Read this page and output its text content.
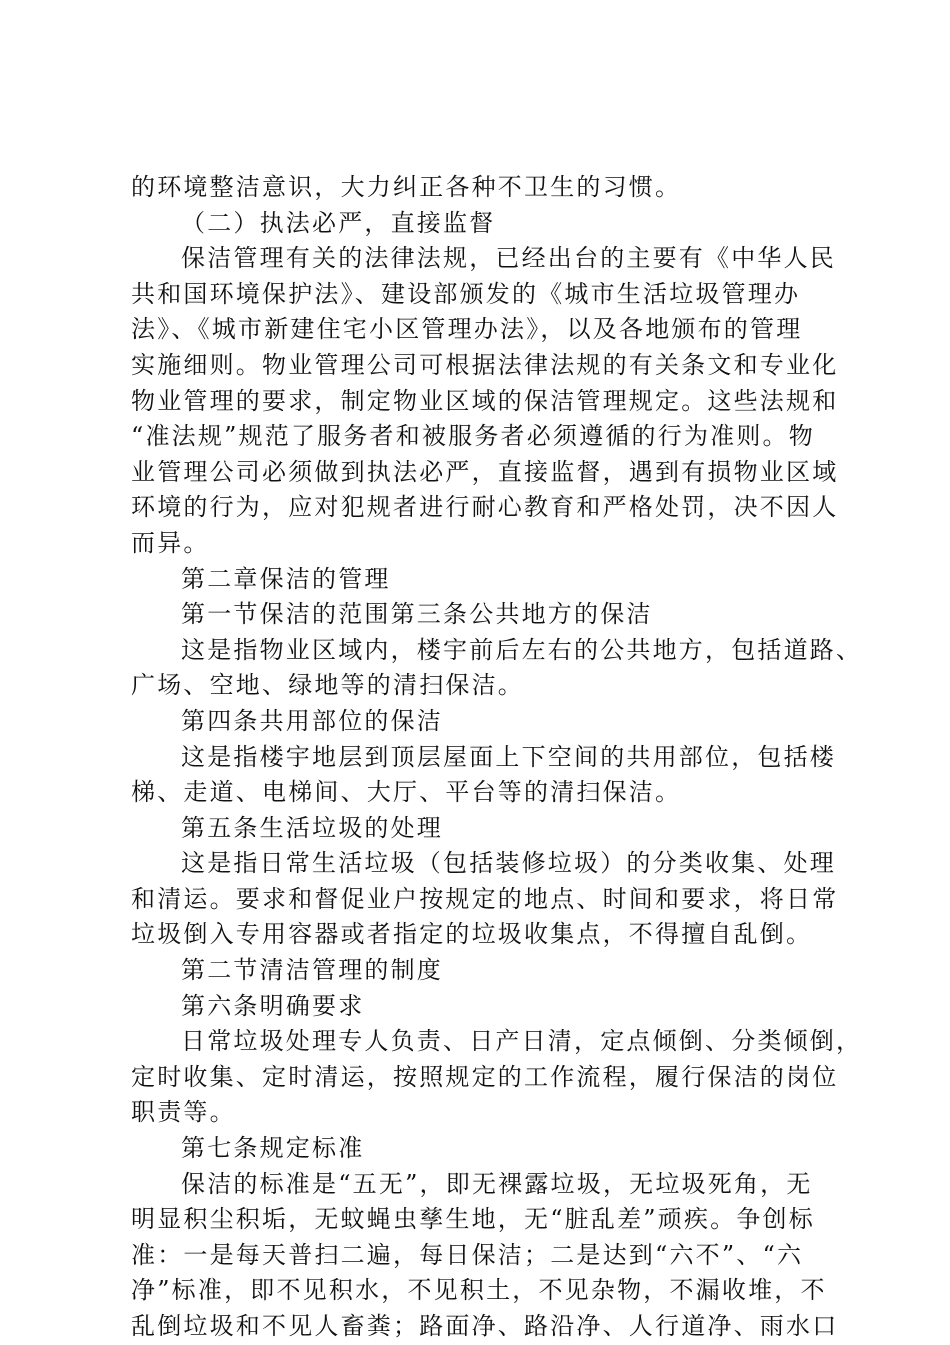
的环境整洁意识，大力纠正各种不卫生的习惯。
（二）执法必严，直接监督
保洁管理有关的法律法规，已经出台的主要有《中华人民
共和国环境保护法》、建设部颁发的《城市生活垃圾管理办
法》、《城市新建住宅小区管理办法》，以及各地颁布的管理
实施细则。物业管理公司可根据法律法规的有关条文和专业化
物业管理的要求，制定物业区域的保洁管理规定。这些法规和
“准法规”规范了服务者和被服务者必须遵循的行为准则。物
业管理公司必须做到执法必严，直接监督，遇到有损物业区域
环境的行为，应对犯规者进行耐心教育和严格处罚，决不因人
而异。
第二章保洁的管理
第一节保洁的范围第三条公共地方的保洁
这是指物业区域内，楼宇前后左右的公共地方，包括道路、
广场、空地、绿地等的清扫保洁。
第四条共用部位的保洁
这是指楼宇地层到顶层屋面上下空间的共用部位，包括楼
梯、走道、电梯间、大厅、平台等的清扫保洁。
第五条生活垃圾的处理
这是指日常生活垃圾（包括装修垃圾）的分类收集、处理
和清运。要求和督促业户按规定的地点、时间和要求，将日常
垃圾倒入专用容器或者指定的垃圾收集点，不得擅自乱倒。
第二节清洁管理的制度
第六条明确要求
日常垃圾处理专人负责、日产日清，定点倾倒、分类倾倒，
定时收集、定时清运，按照规定的工作流程，履行保洁的岗位
职责等。
第七条规定标准
保洁的标准是“五无”，即无裸露垃圾，无垃圾死角，无
明显积尘积垢，无蚊蝇虫孳生地，无“脏乱差”顽疾。争创标
准：一是每天普扫二遍，每日保洁；二是达到“六不”、“六
净”标准，即不见积水，不见积土，不见杂物，不漏收堆，不
乱倒垃圾和不见人畜粪；路面净、路沿净、人行道净、雨水口
